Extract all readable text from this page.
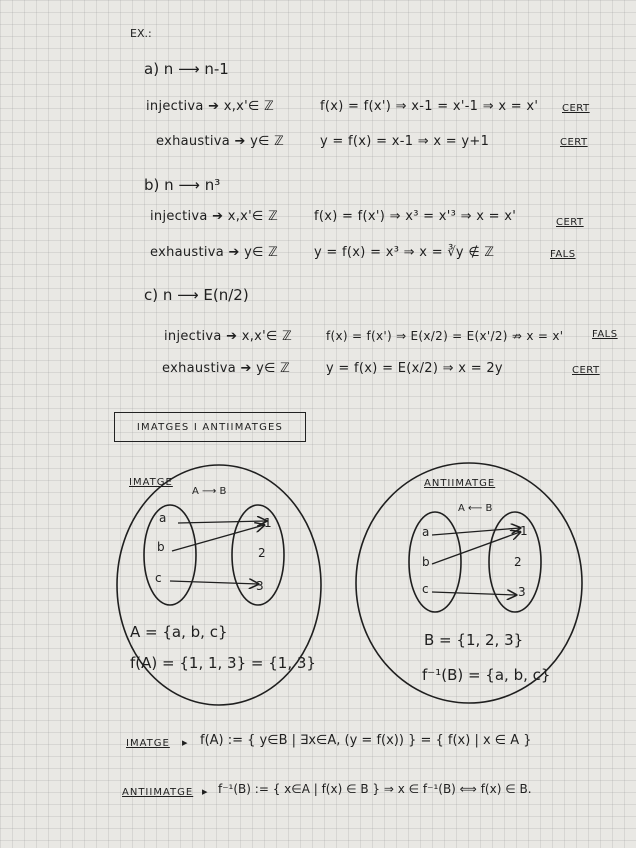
EX.:
a) n ⟶ n-1
injectiva ➔ x,x'∈ ℤ	f(x) = f(x') ⇒ x-1 = x'-1 ⇒ x = x' CERT
exhaustiva ➔ y∈ ℤ	y = f(x) = x-1 ⇒ x = y+1	CERT
b) n ⟶ n³
injectiva ➔ x,x'∈ ℤ	f(x) = f(x') ⇒ x³ = x'³ ⇒ x = x'	CERT
exhaustiva ➔ y∈ ℤ	y = f(x) = x³ ⇒ x = ∛y ∉ ℤ	FALS
c) n ⟶ E(n/2)
injectiva ➔ x,x'∈ ℤ	f(x) = f(x') ⇒ E(x/2) = E(x'/2) ⇏ x = x'	FALS
exhaustiva ➔ y∈ ℤ	y = f(x) = E(x/2) ⇒ x = 2y	CERT
IMATGES I ANTIIMATGES
IMATGE
A ⟶ B
a
b
c
1
2
3
A = {a, b, c}
f(A) = {1, 1, 3} = {1, 3}
ANTIIMATGE
A ⟵ B
a
b
c
1
2
3
B = {1, 2, 3}
f⁻¹(B) = {a, b, c}
IMATGE ▸ f(A) := { y∈B | ∃x∈A, (y = f(x)) } = { f(x) | x ∈ A }
ANTIIMATGE ▸ f⁻¹(B) := { x∈A | f(x) ∈ B } ⇒ x ∈ f⁻¹(B) ⟺ f(x) ∈ B.
